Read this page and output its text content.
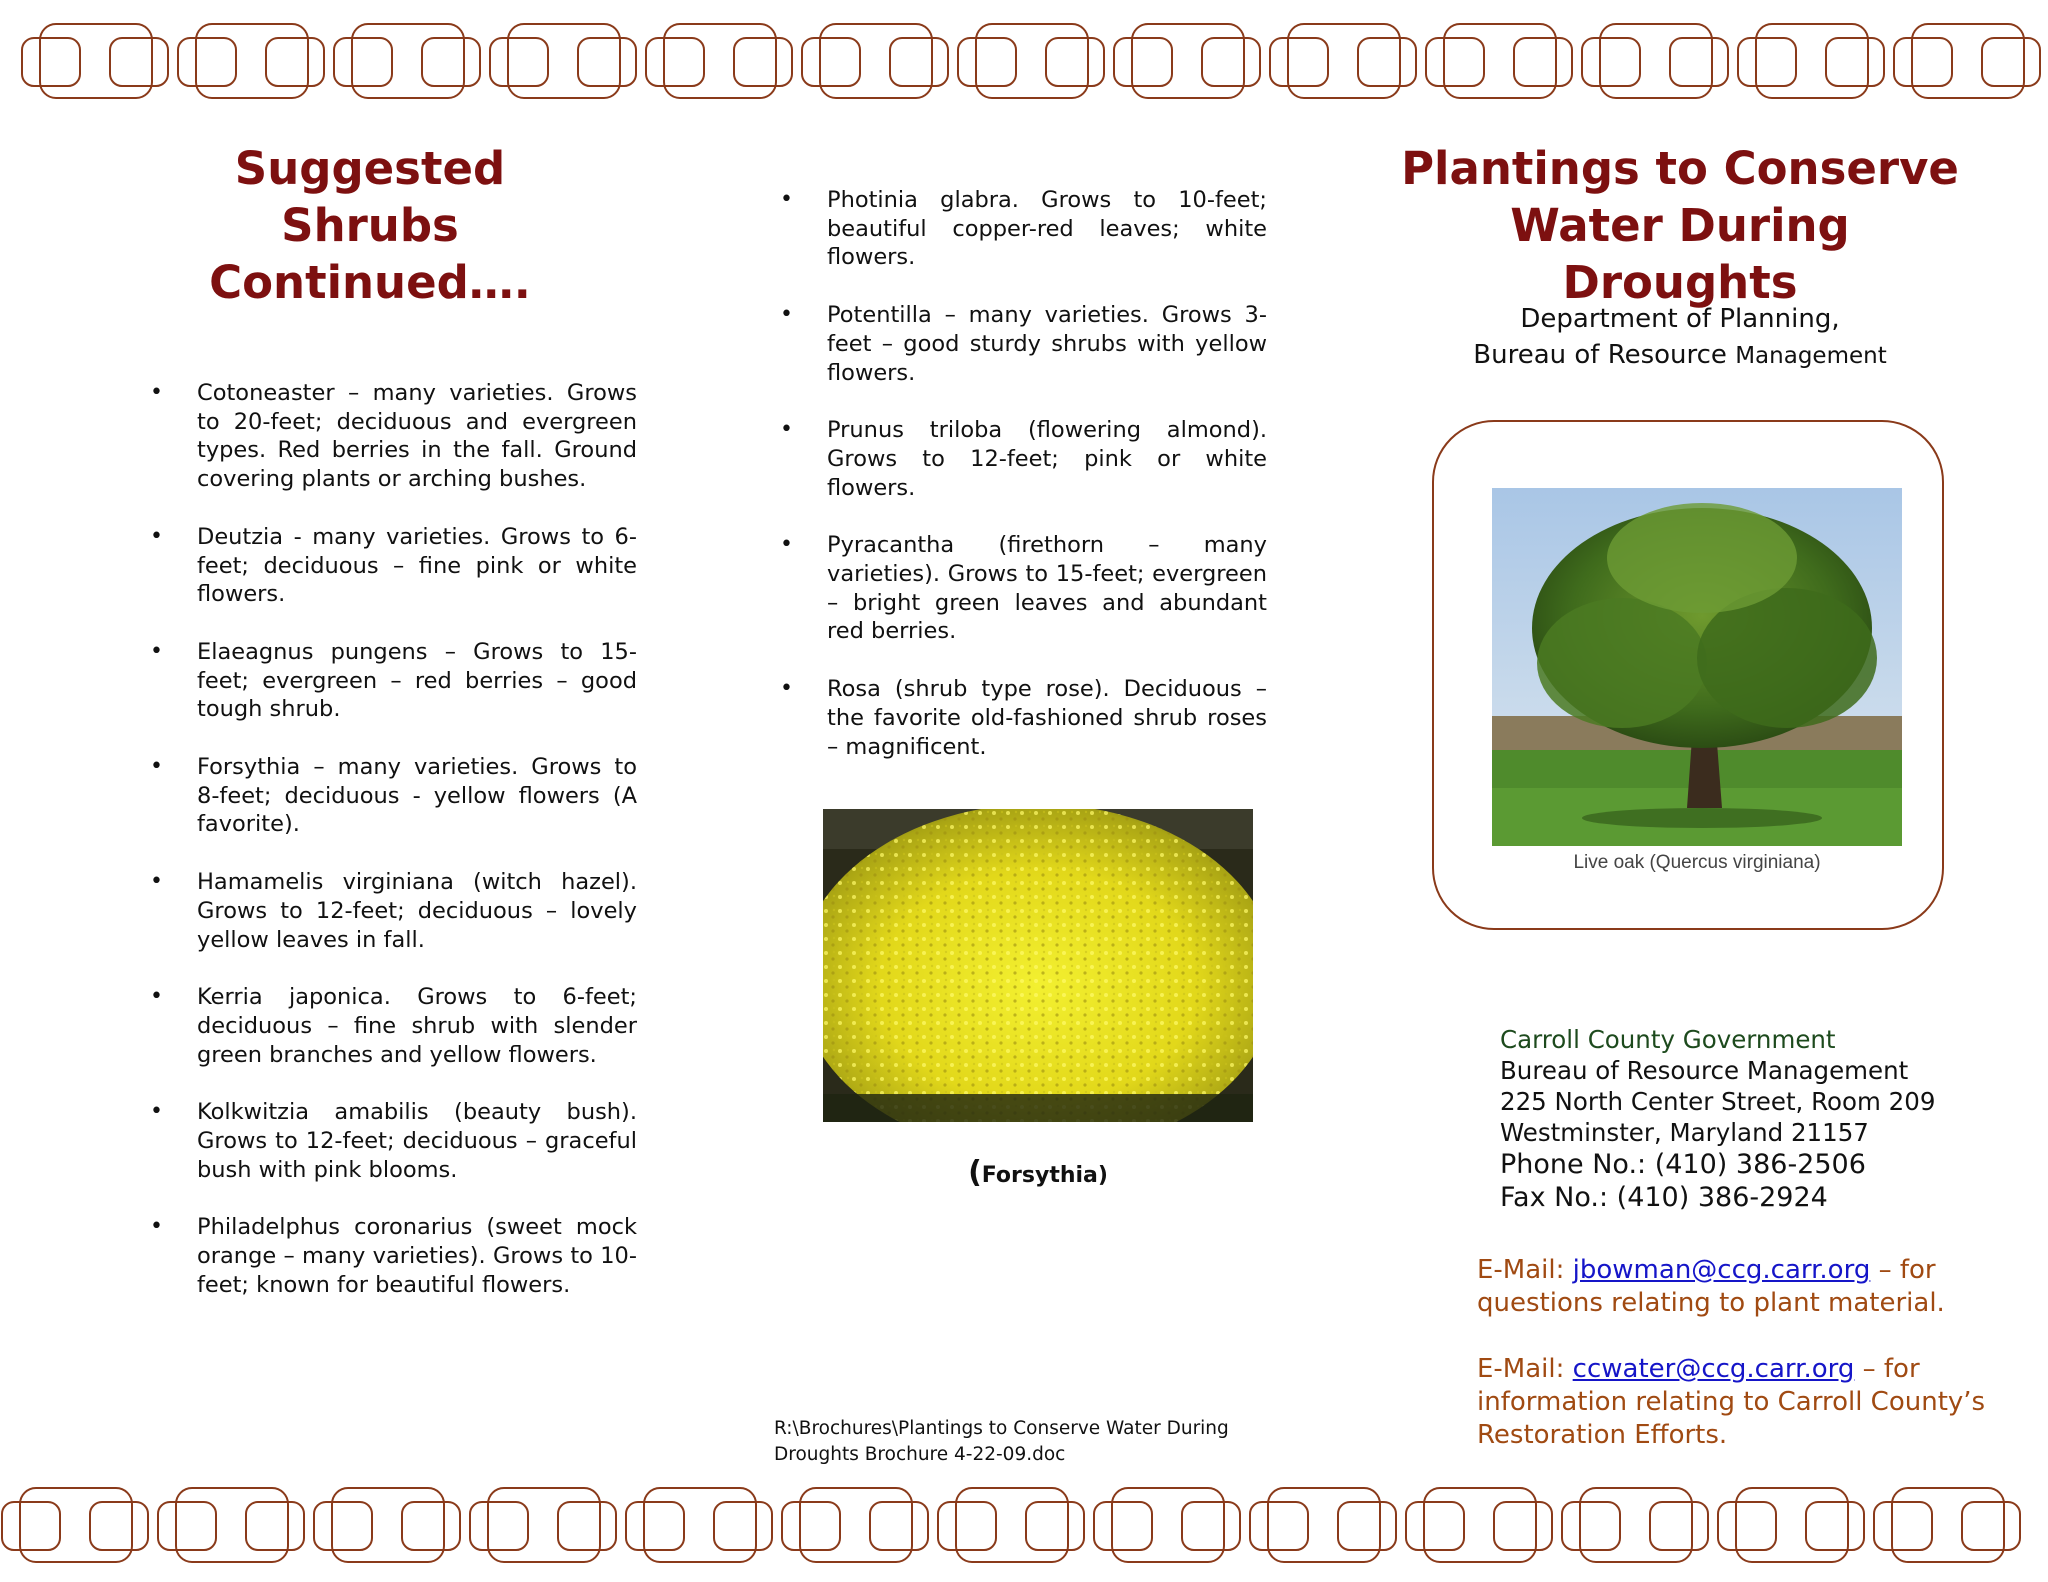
Suggested Shrubs
Continued….
• Cotoneaster – many varieties. Grows to 20-feet; deciduous and evergreen types. Red berries in the fall. Ground covering plants or arching bushes.
• Deutzia - many varieties. Grows to 6-feet; deciduous – fine pink or white flowers.
• Elaeagnus pungens – Grows to 15-feet; evergreen – red berries – good tough shrub.
• Forsythia – many varieties. Grows to 8-feet; deciduous - yellow flowers (A favorite).
• Hamamelis virginiana (witch hazel). Grows to 12-feet; deciduous – lovely yellow leaves in fall.
• Kerria japonica. Grows to 6-feet; deciduous – fine shrub with slender green branches and yellow flowers.
• Kolkwitzia amabilis (beauty bush). Grows to 12-feet; deciduous – graceful bush with pink blooms.
• Philadelphus coronarius (sweet mock orange – many varieties). Grows to 10-feet; known for beautiful flowers.
• Photinia glabra. Grows to 10-feet; beautiful copper-red leaves; white flowers.
• Potentilla – many varieties. Grows 3-feet – good sturdy shrubs with yellow flowers.
• Prunus triloba (flowering almond). Grows to 12-feet; pink or white flowers.
• Pyracantha (firethorn – many varieties). Grows to 15-feet; evergreen – bright green leaves and abundant red berries.
• Rosa (shrub type rose). Deciduous – the favorite old-fashioned shrub roses – magnificent.
(Forsythia)
R:\Brochures\Plantings to Conserve Water During Droughts Brochure 4-22-09.doc
Plantings to Conserve
Water During Droughts
Department of Planning,
Bureau of Resource Management
Live oak (Quercus virginiana)
Carroll County Government
Bureau of Resource Management
225 North Center Street, Room 209
Westminster, Maryland 21157
Phone No.: (410) 386-2506
Fax No.: (410) 386-2924
E-Mail: jbowman@ccg.carr.org – for questions relating to plant material.
E-Mail: ccwater@ccg.carr.org – for information relating to Carroll County’s Restoration Efforts.
